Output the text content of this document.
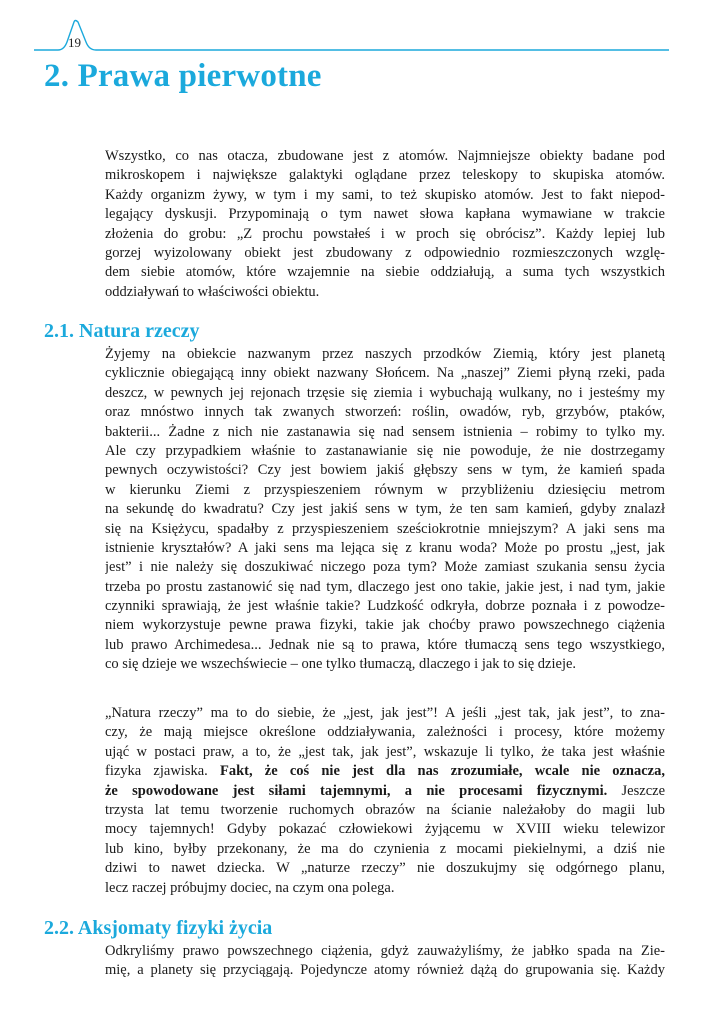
19
2. Prawa pierwotne
Wszystko, co nas otacza, zbudowane jest z atomów. Najmniejsze obiekty badane pod
mikroskopem i największe galaktyki oglądane przez teleskopy to skupiska atomów.
Każdy organizm żywy, w tym i my sami, to też skupisko atomów. Jest to fakt niepod-
legający dyskusji. Przypominają o tym nawet słowa kapłana wymawiane w trakcie
złożenia do grobu: „Z prochu powstałeś i w proch się obrócisz”. Każdy lepiej lub
gorzej wyizolowany obiekt jest zbudowany z odpowiednio rozmieszczonych wzglę-
dem siebie atomów, które wzajemnie na siebie oddziałują, a suma tych wszystkich
oddziaływań to właściwości obiektu.
2.1. Natura rzeczy
Żyjemy na obiekcie nazwanym przez naszych przodków Ziemią, który jest planetą
cyklicznie obiegającą inny obiekt nazwany Słońcem. Na „naszej” Ziemi płyną rzeki, pada
deszcz, w pewnych jej rejonach trzęsie się ziemia i wybuchają wulkany, no i jesteśmy my
oraz mnóstwo innych tak zwanych stworzeń: roślin, owadów, ryb, grzybów, ptaków,
bakterii... Żadne z nich nie zastanawia się nad sensem istnienia – robimy to tylko my.
Ale czy przypadkiem właśnie to zastanawianie się nie powoduje, że nie dostrzegamy
pewnych oczywistości? Czy jest bowiem jakiś głębszy sens w tym, że kamień spada
w kierunku Ziemi z przyspieszeniem równym w przybliżeniu dziesięciu metrom
na sekundę do kwadratu? Czy jest jakiś sens w tym, że ten sam kamień, gdyby znalazł
się na Księżycu, spadałby z przyspieszeniem sześciokrotnie mniejszym? A jaki sens ma
istnienie kryształów? A jaki sens ma lejąca się z kranu woda? Może po prostu „jest, jak
jest” i nie należy się doszukiwać niczego poza tym? Może zamiast szukania sensu życia
trzeba po prostu zastanowić się nad tym, dlaczego jest ono takie, jakie jest, i nad tym, jakie
czynniki sprawiają, że jest właśnie takie? Ludzkość odkryła, dobrze poznała i z powodze-
niem wykorzystuje pewne prawa fizyki, takie jak choćby prawo powszechnego ciążenia
lub prawo Archimedesa... Jednak nie są to prawa, które tłumaczą sens tego wszystkiego,
co się dzieje we wszechświecie – one tylko tłumaczą, dlaczego i jak to się dzieje.
„Natura rzeczy” ma to do siebie, że „jest, jak jest”! A jeśli „jest tak, jak jest”, to zna-
czy, że mają miejsce określone oddziaływania, zależności i procesy, które możemy
ująć w postaci praw, a to, że „jest tak, jak jest”, wskazuje li tylko, że taka jest właśnie
fizyka zjawiska. Fakt, że coś nie jest dla nas zrozumiałe, wcale nie oznacza,
że spowodowane jest siłami tajemnymi, a nie procesami fizycznymi. Jeszcze
trzysta lat temu tworzenie ruchomych obrazów na ścianie należałoby do magii lub
mocy tajemnych! Gdyby pokazać człowiekowi żyjącemu w XVIII wieku telewizor
lub kino, byłby przekonany, że ma do czynienia z mocami piekielnymi, a dziś nie
dziwi to nawet dziecka. W „naturze rzeczy” nie doszukujmy się odgórnego planu,
lecz raczej próbujmy dociec, na czym ona polega.
2.2. Aksjomaty fizyki życia
Odkryliśmy prawo powszechnego ciążenia, gdyż zauważyliśmy, że jabłko spada na Zie-
mię, a planety się przyciągają. Pojedyncze atomy również dążą do grupowania się. Każdy
